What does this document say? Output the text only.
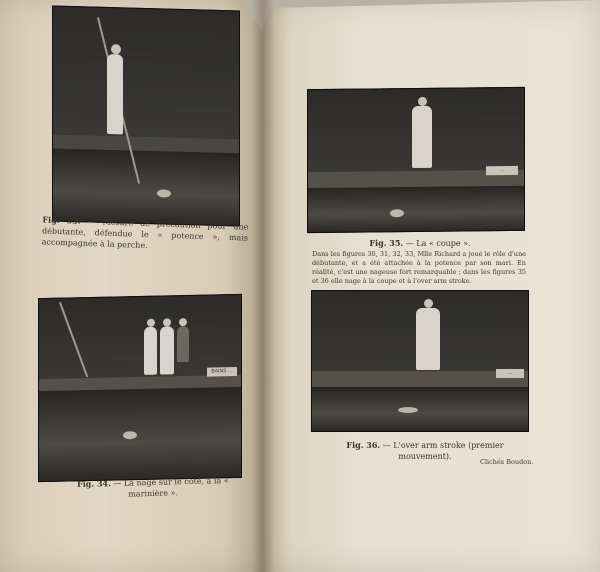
Fig. 33. — Mesure de précaution pour une débutante, défendue le « potence », mais accompagnée à la perche.
BAINS ...
Fig. 34. — La nage sur le côté, à la « marinière ».
...
Fig. 35. — La « coupe ».
Dans les figures 30, 31, 32, 33, Mlle Richard a joué le rôle d'une débutante, et a été attachée à la potence par son mari. En réalité, c'est une nageuse fort remarquable ; dans les figures 35 et 36 elle nage à la coupe et à l'over arm stroke.
...
Fig. 36. — L'over arm stroke (premier mouvement).
Clichés Boudon.
